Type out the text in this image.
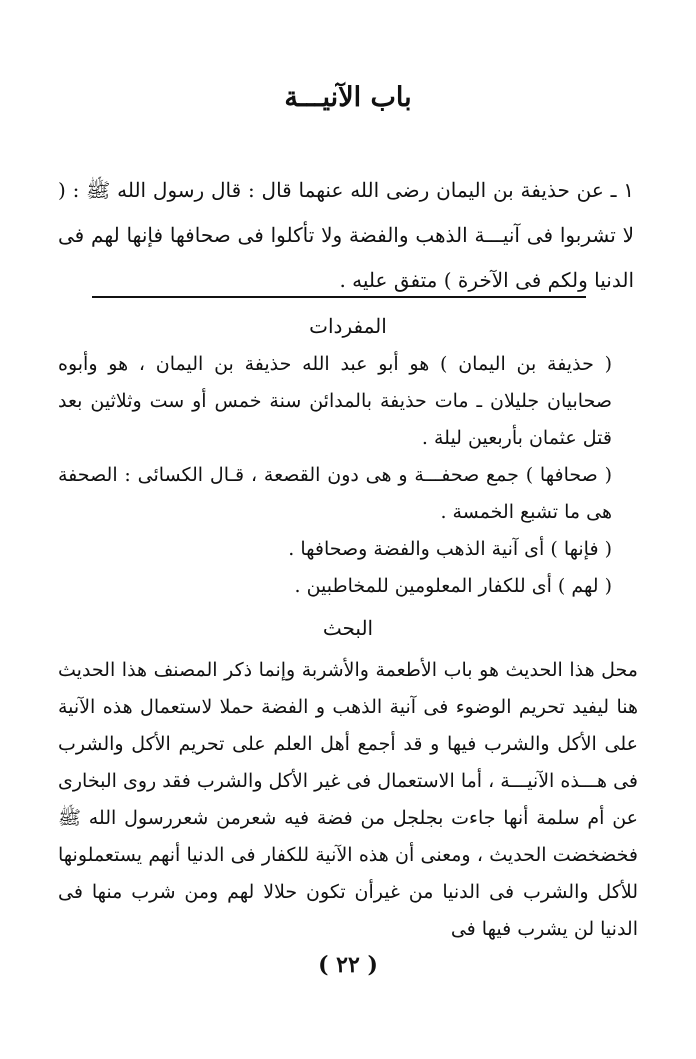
باب الآنيـــة

١ ـ عن حذيفة بن اليمان رضى الله عنهما قال : قال رسول الله ﷺ : ( لا تشربوا فى آنيـــة الذهب والفضة ولا تأكلوا فى صحافها فإنها لهم فى الدنيا ولكم فى الآخرة ) متفق عليه .

المفردات

( حذيفة بن اليمان ) هو أبو عبد الله حذيفة بن اليمان ، هو وأبوه صحابيان جليلان ـ مات حذيفة بالمدائن سنة خمس أو ست وثلاثين بعد قتل عثمان بأربعين ليلة .

( صحافها ) جمع صحفـــة و هى دون القصعة ، قـال الكسائى : الصحفة هى ما تشبع الخمسة .

( فإنها ) أى آنية الذهب والفضة وصحافها .

( لهم ) أى للكفار المعلومين للمخاطبين .

البحث

محل هذا الحديث هو باب الأطعمة والأشربة وإنما ذكر المصنف هذا الحديث هنا ليفيد تحريم الوضوء فى آنية الذهب و الفضة حملا لاستعمال هذه الآنية على الأكل والشرب فيها و قد أجمع أهل العلم على تحريم الأكل والشرب فى هـــذه الآنيـــة ، أما الاستعمال فى غير الأكل والشرب فقد روى البخارى عن أم سلمة أنها جاءت بجلجل من فضة فيه شعرمن شعررسول الله ﷺ فخضخضت الحديث ، ومعنى أن هذه الآنية للكفار فى الدنيا أنهم يستعملونها للأكل والشرب فى الدنيا من غيرأن تكون حلالا لهم ومن شرب منها فى الدنيا لن يشرب فيها فى

( ٢٢ )
